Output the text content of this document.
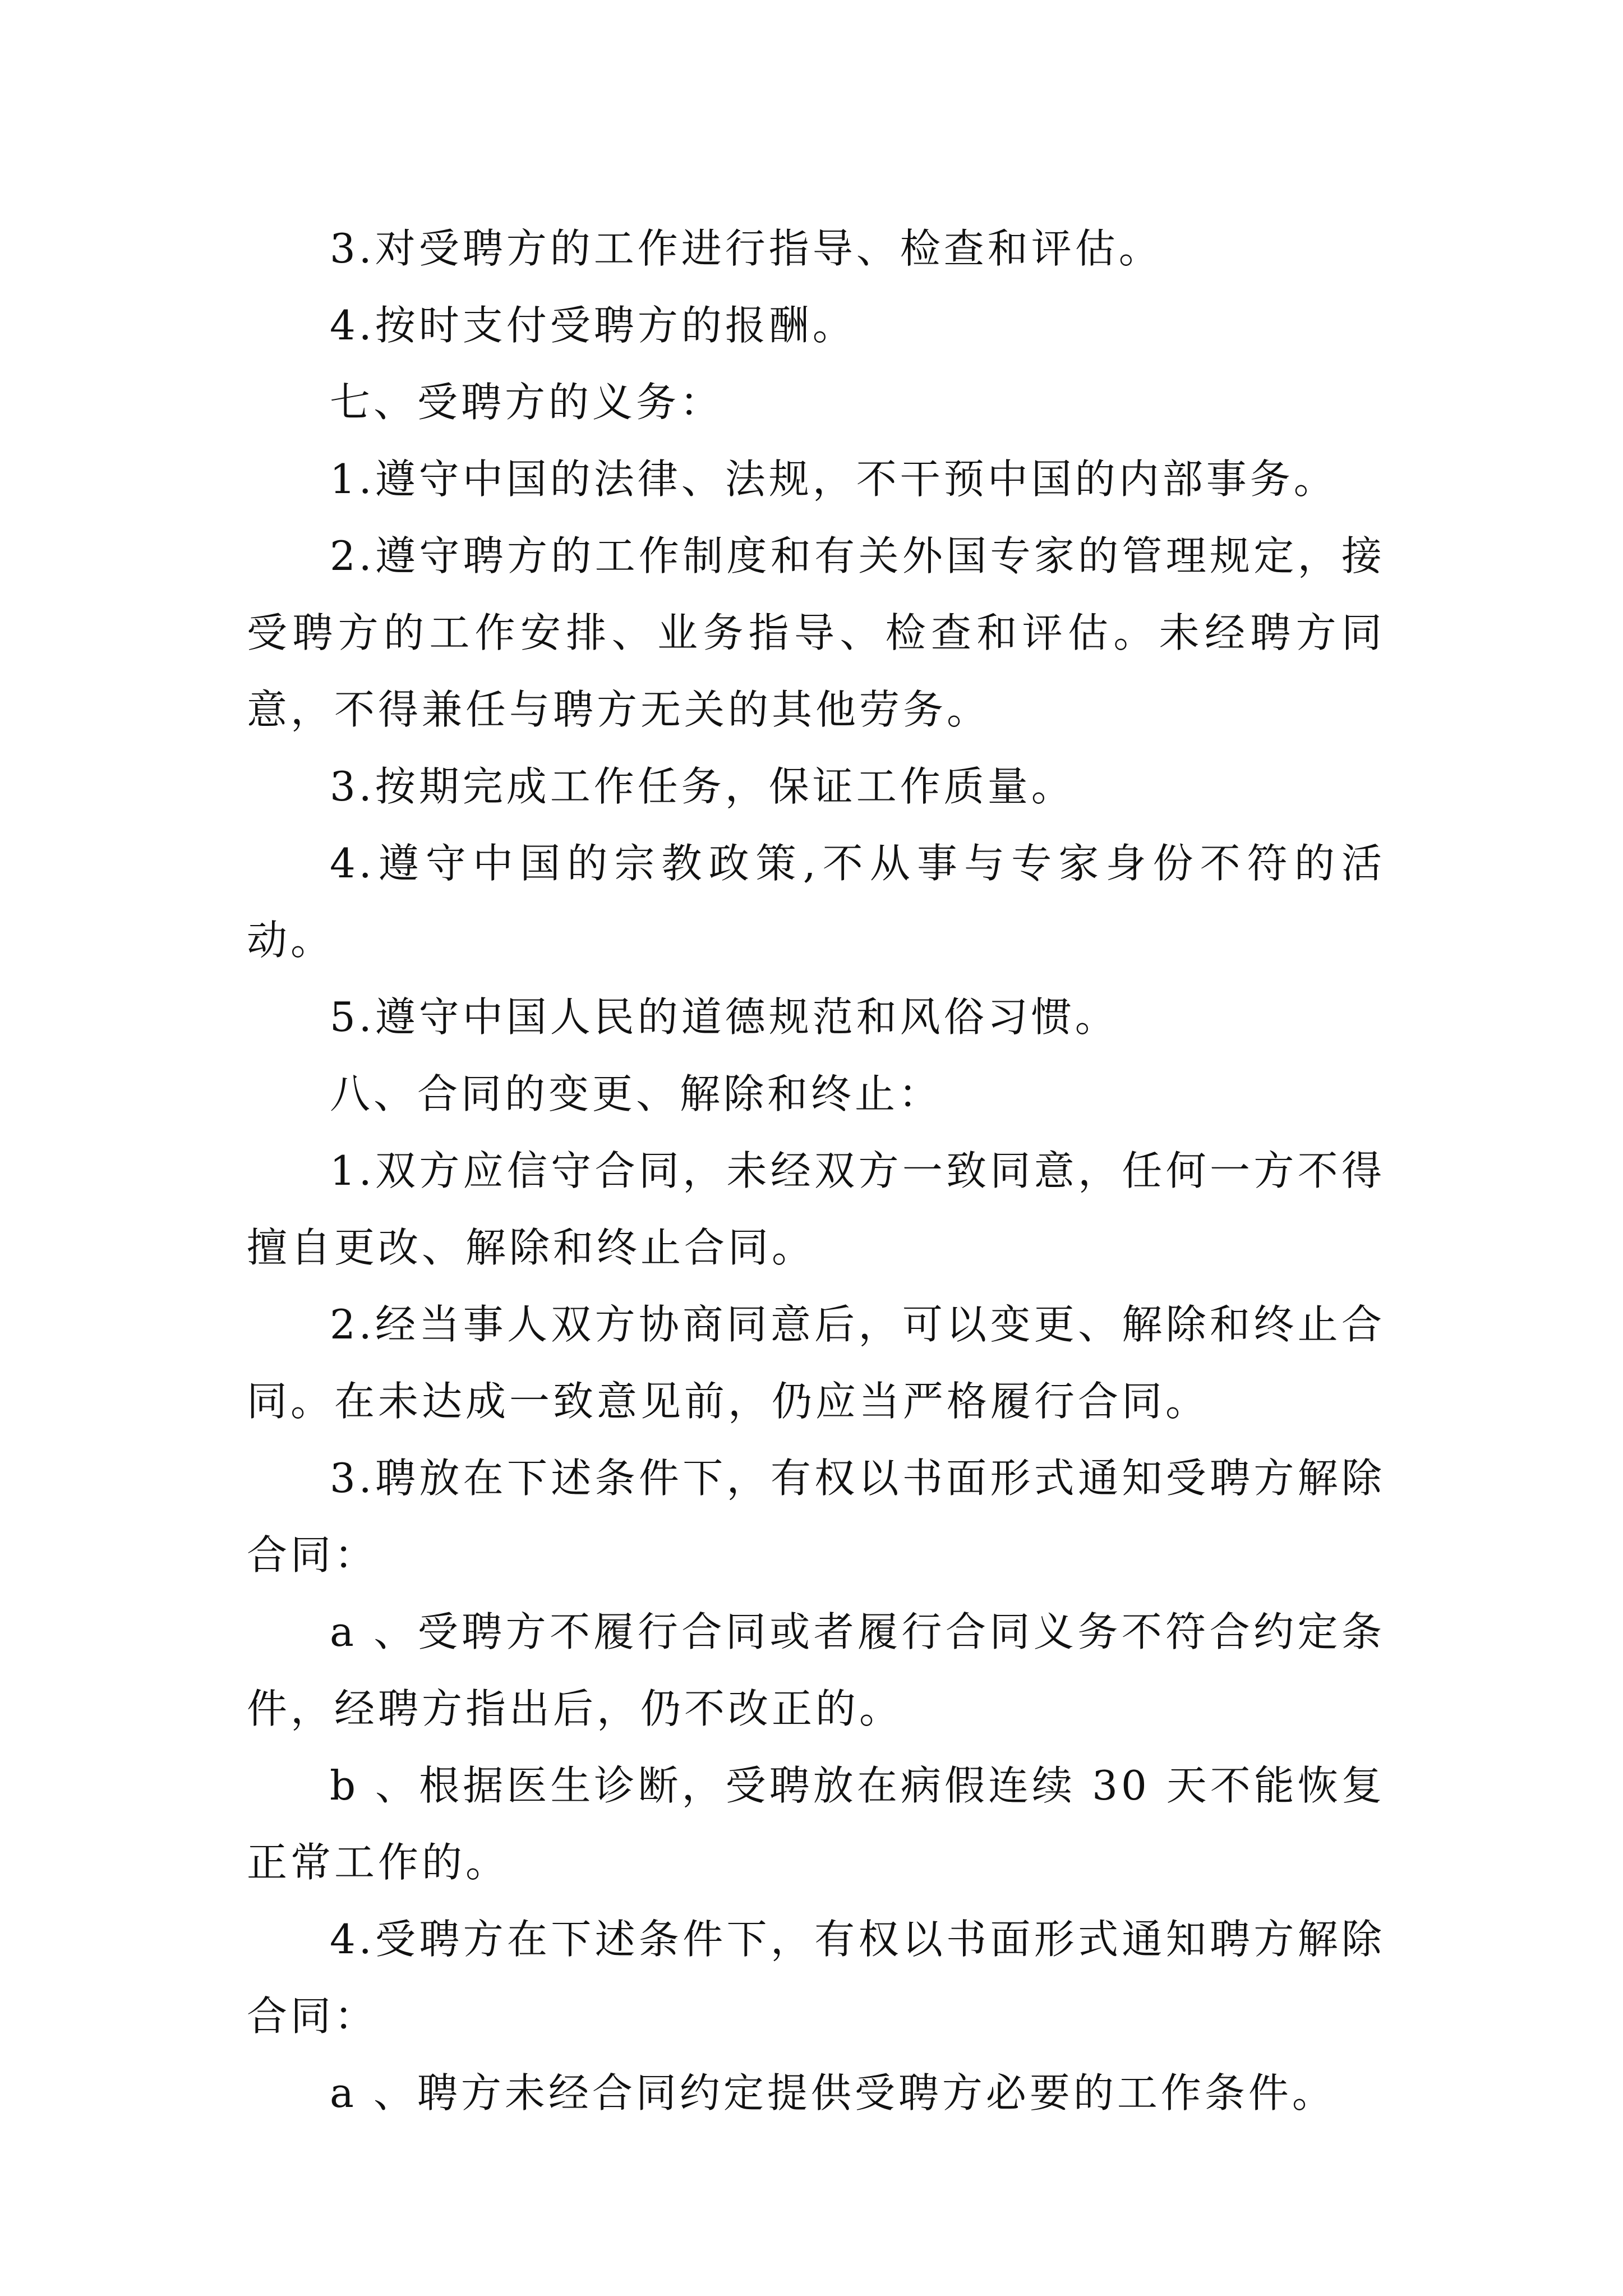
3.对受聘方的工作进行指导、检查和评估。

4.按时支付受聘方的报酬。

七、受聘方的义务：

1.遵守中国的法律、法规，不干预中国的内部事务。

2.遵守聘方的工作制度和有关外国专家的管理规定，接受聘方的工作安排、业务指导、检查和评估。未经聘方同意，不得兼任与聘方无关的其他劳务。

3.按期完成工作任务，保证工作质量。

4.遵守中国的宗教政策,不从事与专家身份不符的活动。

5.遵守中国人民的道德规范和风俗习惯。

八、合同的变更、解除和终止：

1.双方应信守合同，未经双方一致同意，任何一方不得擅自更改、解除和终止合同。

2.经当事人双方协商同意后，可以变更、解除和终止合同。在未达成一致意见前，仍应当严格履行合同。

3.聘放在下述条件下，有权以书面形式通知受聘方解除合同：

a 、受聘方不履行合同或者履行合同义务不符合约定条件，经聘方指出后，仍不改正的。

b 、根据医生诊断，受聘放在病假连续 30 天不能恢复正常工作的。

4.受聘方在下述条件下，有权以书面形式通知聘方解除合同：

a 、聘方未经合同约定提供受聘方必要的工作条件。
